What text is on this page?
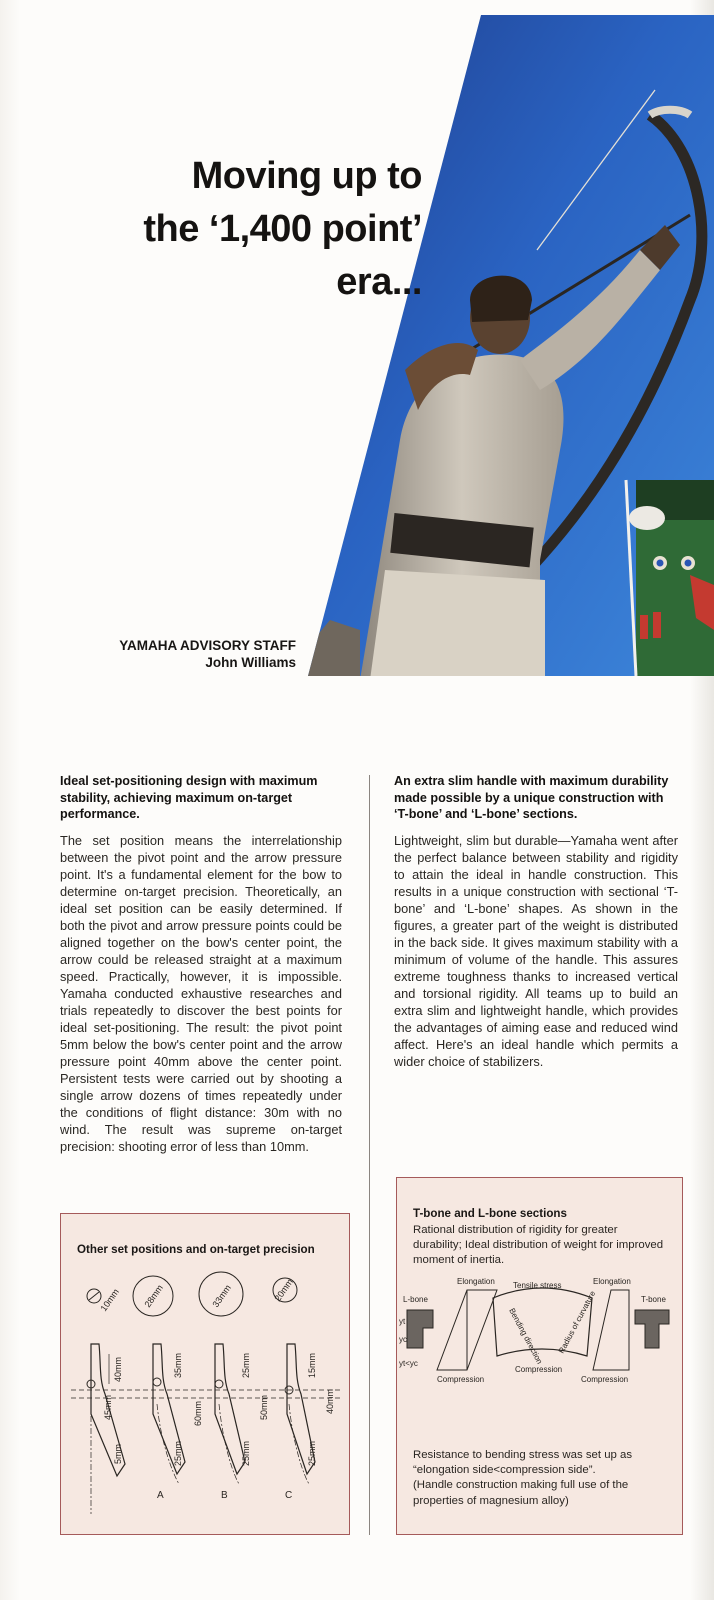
Moving up to
the ‘1,400 point’
era...
YAMAHA ADVISORY STAFF
John Williams
Ideal set-positioning design with maximum stability, achieving maximum on-target performance.

The set position means the interrelationship between the pivot point and the arrow pressure point. It's a fundamental element for the bow to determine on-target precision. Theoretically, an ideal set position can be easily determined. If both the pivot and arrow pressure points could be aligned together on the bow's center point, the arrow could be released straight at a maximum speed. Practically, however, it is impossible. Yamaha conducted exhaustive researches and trials repeatedly to discover the best points for ideal set-positioning. The result: the pivot point 5mm below the bow's center point and the arrow pressure point 40mm above the center point. Persistent tests were carried out by shooting a single arrow dozens of times repeatedly under the conditions of flight distance: 30m with no wind. The result was supreme on-target precision: shooting error of less than 10mm.

An extra slim handle with maximum durability made possible by a unique construction with ‘T-bone’ and ‘L-bone’ sections.

Lightweight, slim but durable—Yamaha went after the perfect balance between stability and rigidity to attain the ideal in handle construction. This results in a unique construction with sectional ‘T-bone’ and ‘L-bone’ shapes. As shown in the figures, a greater part of the weight is distributed in the back side. It gives maximum stability with a minimum of volume of the handle. This assures extreme toughness thanks to increased vertical and torsional rigidity. All teams up to build an extra slim and lightweight handle, which provides the advantages of aiming ease and reduced wind affect. Here's an ideal handle which permits a wider choice of stabilizers.

Other set positions and on-target precision
10mm 28mm	33mm	20mm
40mm
45mm
5mm
35mm
60mm
25mm
A
25mm
50mm
25mm
B
15mm
40mm
25mm
C
T-bone and L-bone sections
Rational distribution of rigidity for greater durability; Ideal distribution of weight for improved moment of inertia.
L-bone
yt
yc
yt<yc
Elongation
Compression
Tensile stress
Bending direction Radius of curvature
Compression
Elongation
Compression
T-bone
Resistance to bending stress was set up as
“elongation side<compression side”.
(Handle construction making full use of the
properties of magnesium alloy)
